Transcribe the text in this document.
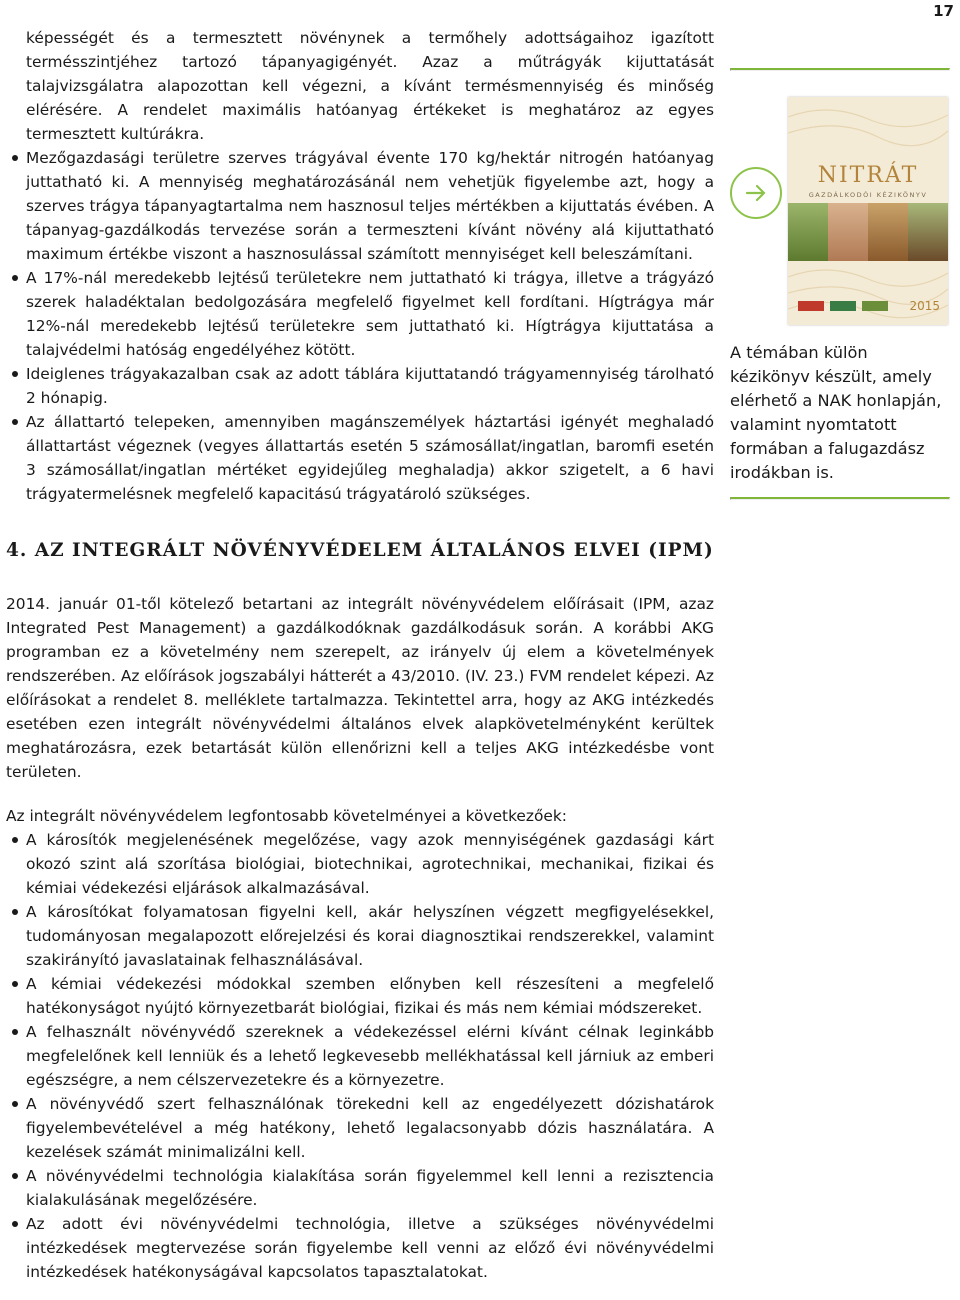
17

képességét és a termesztett növénynek a termőhely adottságaihoz igazított termésszintjéhez tartozó tápanyagigényét. Azaz a műtrágyák kijuttatását talajvizsgálatra alapozottan kell végezni, a kívánt termésmennyiség és minőség elérésére. A rendelet maximális hatóanyag értékeket is meghatároz az egyes termesztett kultúrákra.

Mezőgazdasági területre szerves trágyával évente 170 kg/hektár nitrogén hatóanyag juttatható ki. A mennyiség meghatározásánál nem vehetjük figyelembe azt, hogy a szerves trágya tápanyagtartalma nem hasznosul teljes mértékben a kijuttatás évében. A tápanyag-gazdálkodás tervezése során a termeszteni kívánt növény alá kijuttatható maximum értékbe viszont a hasznosulással számított mennyiséget kell beleszámítani.
A 17%-nál meredekebb lejtésű területekre nem juttatható ki trágya, illetve a trágyázó szerek haladéktalan bedolgozására megfelelő figyelmet kell fordítani. Hígtrágya már 12%-nál meredekebb lejtésű területekre sem juttatható ki. Hígtrágya kijuttatása a talajvédelmi hatóság engedélyéhez kötött.
Ideiglenes trágyakazalban csak az adott táblára kijuttatandó trágyamennyiség tárolható 2 hónapig.
Az állattartó telepeken, amennyiben magánszemélyek háztartási igényét meghaladó állattartást végeznek (vegyes állattartás esetén 5 számosállat/ingatlan, baromfi esetén 3 számosállat/ingatlan mértéket egyidejűleg meghaladja) akkor szigetelt, a 6 havi trágyatermelésnek megfelelő kapacitású trágyatároló szükséges.
NITRÁT
GAZDÁLKODÓI KÉZIKÖNYV
2015
A témában külön kézikönyv készült, amely elérhető a NAK honlapján, valamint nyomtatott formában a falugazdász irodákban is.
4. AZ INTEGRÁLT NÖVÉNYVÉDELEM ÁLTALÁNOS ELVEI (IPM)

2014. január 01-től kötelező betartani az integrált növényvédelem előírásait (IPM, azaz Integrated Pest Management) a gazdálkodóknak gazdálkodásuk során. A korábbi AKG programban ez a követelmény nem szerepelt, az irányelv új elem a követelmények rendszerében. Az előírások jogszabályi hátterét a 43/2010. (IV. 23.) FVM rendelet képezi. Az előírásokat a rendelet 8. melléklete tartalmazza. Tekintettel arra, hogy az AKG intézkedés esetében ezen integrált növényvédelmi általános elvek alapkövetelményként kerültek meghatározásra, ezek betartását külön ellenőrizni kell a teljes AKG intézkedésbe vont területen.

Az integrált növényvédelem legfontosabb követelményei a következőek:

A károsítók megjelenésének megelőzése, vagy azok mennyiségének gazdasági kárt okozó szint alá szorítása biológiai, biotechnikai, agrotechnikai, mechanikai, fizikai és kémiai védekezési eljárások alkalmazásával.
A károsítókat folyamatosan figyelni kell, akár helyszínen végzett megfigyelésekkel, tudományosan megalapozott előrejelzési és korai diagnosztikai rendszerekkel, valamint szakirányító javaslatainak felhasználásával.
A kémiai védekezési módokkal szemben előnyben kell részesíteni a megfelelő hatékonyságot nyújtó környezetbarát biológiai, fizikai és más nem kémiai módszereket.
A felhasznált növényvédő szereknek a védekezéssel elérni kívánt célnak leginkább megfelelőnek kell lenniük és a lehető legkevesebb mellékhatással kell járniuk az emberi egészségre, a nem célszervezetekre és a környezetre.
A növényvédő szert felhasználónak törekedni kell az engedélyezett dózishatárok figyelembevételével a még hatékony, lehető legalacsonyabb dózis használatára. A kezelések számát minimalizálni kell.
A növényvédelmi technológia kialakítása során figyelemmel kell lenni a rezisztencia kialakulásának megelőzésére.
Az adott évi növényvédelmi technológia, illetve a szükséges növényvédelmi intézkedések megtervezése során figyelembe kell venni az előző évi növényvédelmi intézkedések hatékonyságával kapcsolatos tapasztalatokat.
